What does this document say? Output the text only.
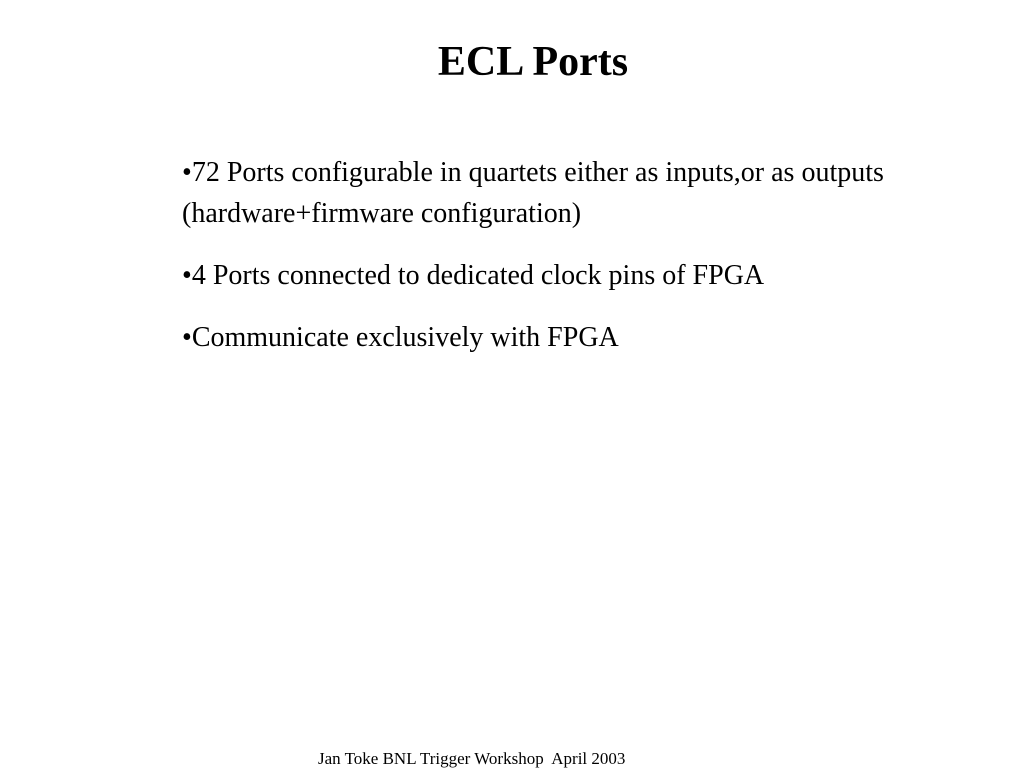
ECL Ports
•72 Ports configurable in quartets either as inputs,or as outputs (hardware+firmware configuration)
•4 Ports connected to dedicated clock pins of FPGA
•Communicate exclusively with FPGA
Jan Toke BNL Trigger Workshop  April 2003
